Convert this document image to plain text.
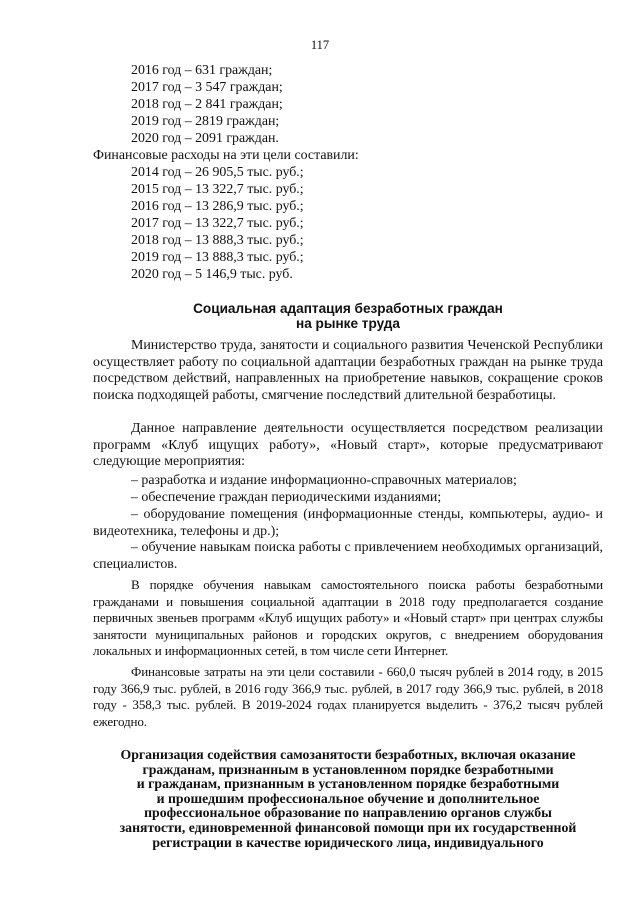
117
2016 год – 631 граждан;
2017 год – 3 547 граждан;
2018 год – 2 841 граждан;
2019 год – 2819 граждан;
2020 год – 2091 граждан.
Финансовые расходы на эти цели составили:
2014 год – 26 905,5 тыс. руб.;
2015 год – 13 322,7 тыс. руб.;
2016 год – 13 286,9 тыс. руб.;
2017 год – 13 322,7 тыс. руб.;
2018 год – 13 888,3 тыс. руб.;
2019 год – 13 888,3 тыс. руб.;
2020 год – 5 146,9 тыс. руб.
Социальная адаптация безработных граждан
на рынке труда

Министерство труда, занятости и социального развития Чеченской Республики осуществляет работу по социальной адаптации безработных граждан на рынке труда посредством действий, направленных на приобретение навыков, сокращение сроков поиска подходящей работы, смягчение последствий длительной безработицы.

Данное направление деятельности осуществляется посредством реализации программ «Клуб ищущих работу», «Новый старт», которые предусматривают следующие мероприятия:

– разработка и издание информационно-справочных материалов;

– обеспечение граждан периодическими изданиями;

– оборудование помещения (информационные стенды, компьютеры, аудио- и видеотехника, телефоны и др.);

– обучение навыкам поиска работы с привлечением необходимых организаций, специалистов.

В порядке обучения навыкам самостоятельного поиска работы безработными гражданами и повышения социальной адаптации в 2018 году предполагается создание первичных звеньев программ «Клуб ищущих работу» и «Новый старт» при центрах службы занятости муниципальных районов и городских округов, с внедрением оборудования локальных и информационных сетей, в том числе сети Интернет.

Финансовые затраты на эти цели составили - 660,0 тысяч рублей в 2014 году, в 2015 году 366,9 тыс. рублей, в 2016 году 366,9 тыс. рублей, в 2017 году 366,9 тыс. рублей, в 2018 году - 358,3 тыс. рублей. В 2019-2024 годах планируется выделить - 376,2 тысяч рублей ежегодно.

Организация содействия самозанятости безработных, включая оказание
гражданам, признанным в установленном порядке безработными
и гражданам, признанным в установленном порядке безработными
и прошедшим профессиональное обучение и дополнительное
профессиональное образование по направлению органов службы
занятости, единовременной финансовой помощи при их государственной
регистрации в качестве юридического лица, индивидуального
